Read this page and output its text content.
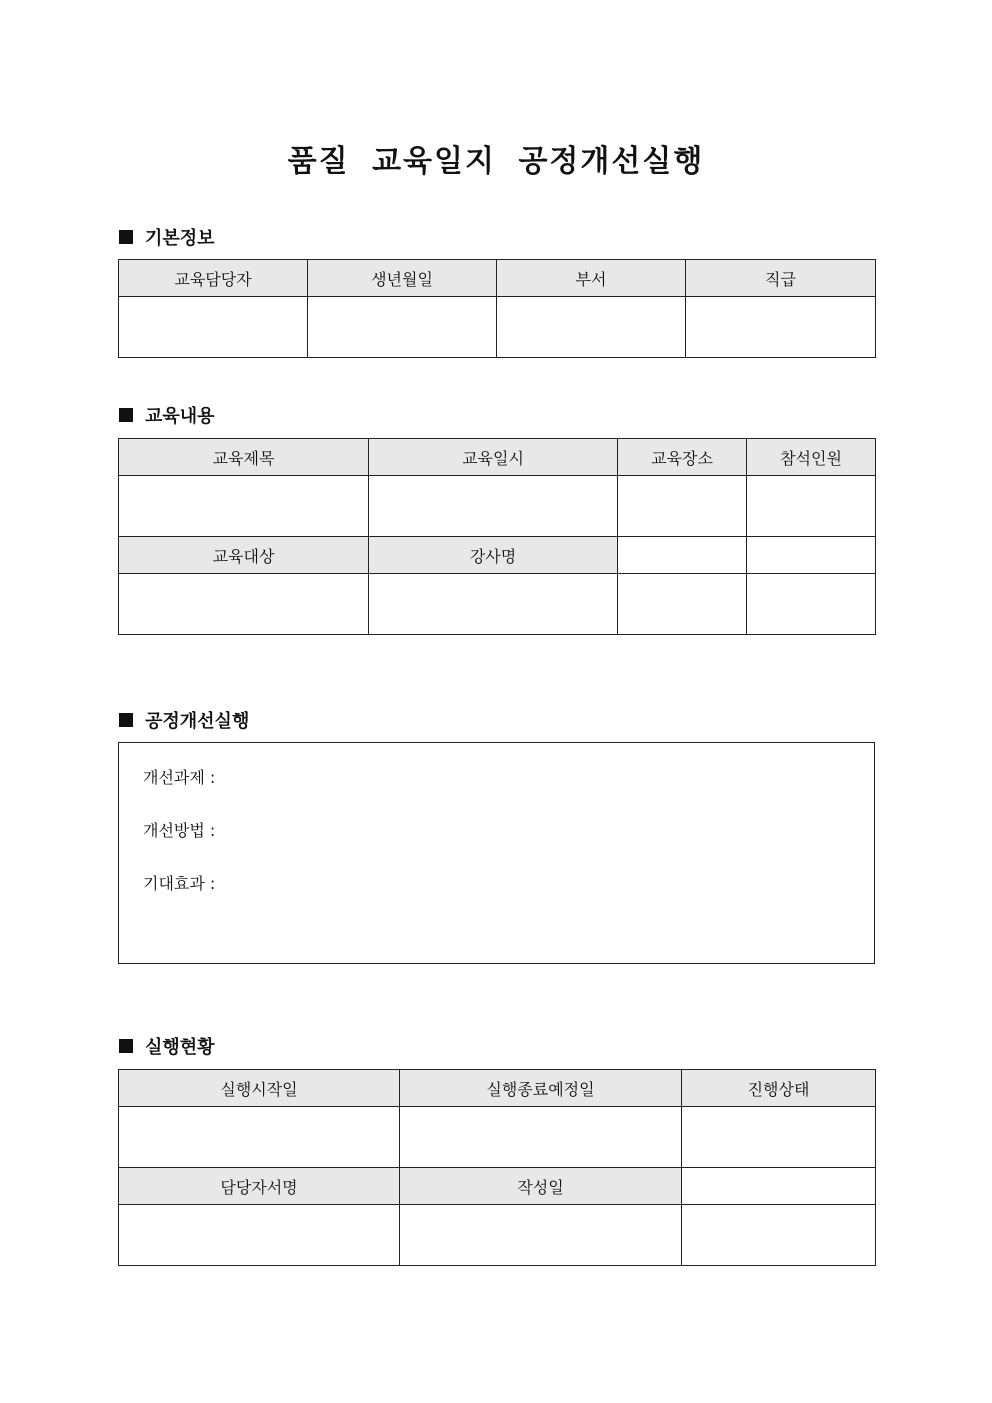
품질 교육일지 공정개선실행
기본정보
교육담당자	생년월일	부서	직급

교육내용
교육제목	교육일시	교육장소	참석인원

교육대상	강사명		

공정개선실행
개선과제 :
개선방법 :
기대효과 :
실행현황
실행시작일	실행종료예정일	진행상태

담당자서명	작성일	
